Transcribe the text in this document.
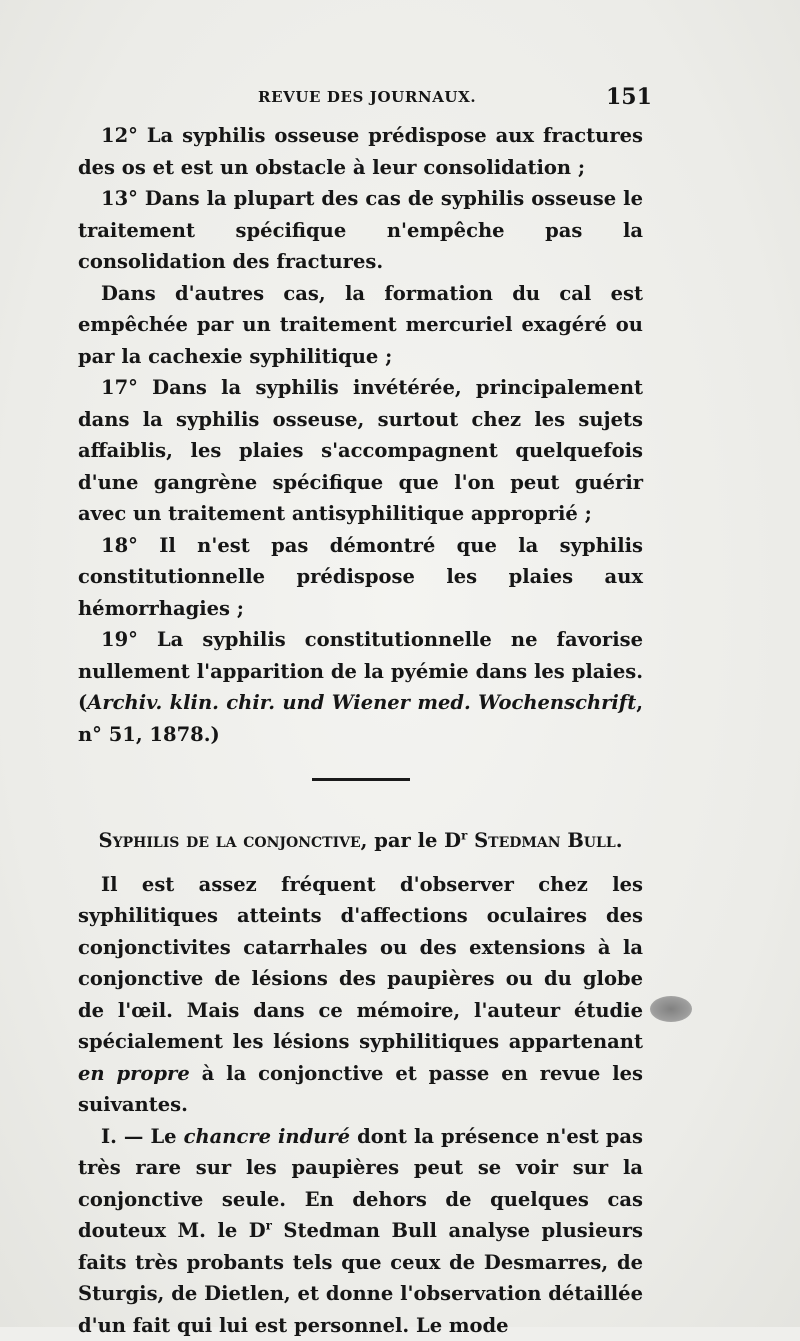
REVUE DES JOURNAUX.	151

12° La syphilis osseuse prédispose aux fractures des os et est un obstacle à leur consolidation ;

13° Dans la plupart des cas de syphilis osseuse le traitement spécifique n'empêche pas la consolidation des fractures.

Dans d'autres cas, la formation du cal est empêchée par un traitement mercuriel exagéré ou par la cachexie syphilitique ;

17° Dans la syphilis invétérée, principalement dans la syphilis osseuse, surtout chez les sujets affaiblis, les plaies s'accompagnent quelquefois d'une gangrène spécifique que l'on peut guérir avec un traitement antisyphilitique approprié ;

18° Il n'est pas démontré que la syphilis constitutionnelle prédispose les plaies aux hémorrhagies ;

19° La syphilis constitutionnelle ne favorise nullement l'apparition de la pyémie dans les plaies. (Archiv. klin. chir. und Wiener med. Wochenschrift, n° 51, 1878.)

Syphilis de la conjonctive, par le $D^r$ Stedman Bull.

Il est assez fréquent d'observer chez les syphilitiques atteints d'affections oculaires des conjonctivites catarrhales ou des extensions à la conjonctive de lésions des paupières ou du globe de l'œil. Mais dans ce mémoire, l'auteur étudie spécialement les lésions syphilitiques appartenant en propre à la conjonctive et passe en revue les suivantes.

I. — Le chancre induré dont la présence n'est pas très rare sur les paupières peut se voir sur la conjonctive seule. En dehors de quelques cas douteux M. le $D^r$ Stedman Bull analyse plusieurs faits très probants tels que ceux de Desmarres, de Sturgis, de Dietlen, et donne l'observation détaillée d'un fait qui lui est personnel. Le mode
